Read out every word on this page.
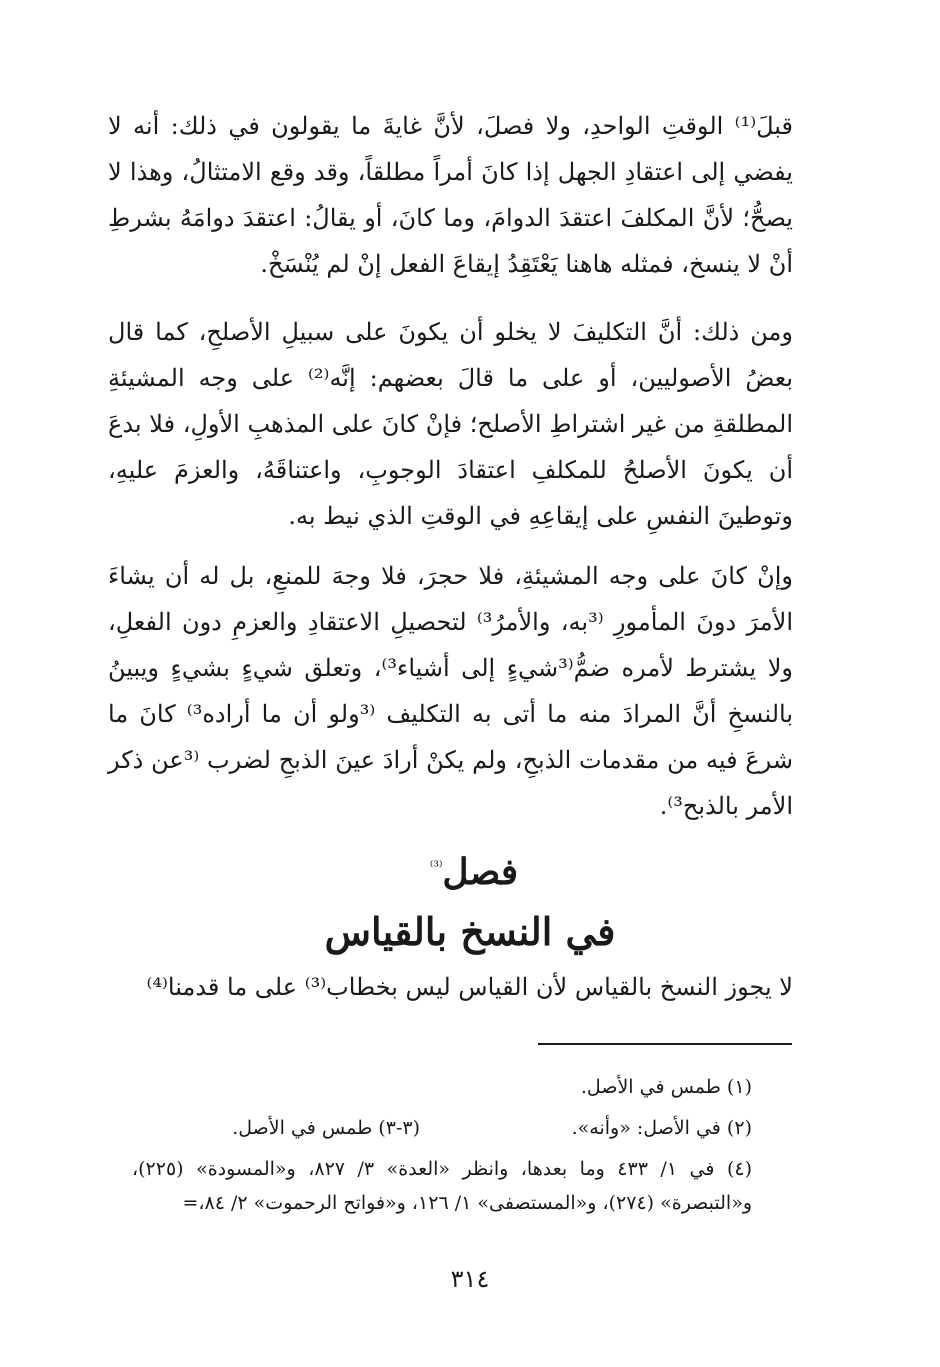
قبلَ⁽¹⁾ الوقتِ الواحدِ، ولا فصلَ، لأنَّ غايةَ ما يقولون في ذلك: أنه لا يفضي إلى اعتقادِ الجهل إذا كانَ أمراً مطلقاً، وقد وقع الامتثالُ، وهذا لا يصحُّ؛ لأنَّ المكلفَ اعتقدَ الدوامَ، وما كانَ، أو يقالُ: اعتقدَ دوامَهُ بشرطِ أنْ لا ينسخ، فمثله هاهنا يَعْتَقِدُ إيقاعَ الفعل إنْ لم يُنْسَخْ.

ومن ذلك: أنَّ التكليفَ لا يخلو أن يكونَ على سبيلِ الأصلحِ، كما قال بعضُ الأصوليين، أو على ما قالَ بعضهم: إنَّه⁽²⁾ على وجه المشيئةِ المطلقةِ من غير اشتراطِ الأصلح؛ فإنْ كانَ على المذهبِ الأولِ، فلا بدعَ أن يكونَ الأصلحُ للمكلفِ اعتقادَ الوجوبِ، واعتناقَهُ، والعزمَ عليهِ، وتوطينَ النفسِ على إيقاعِهِ في الوقتِ الذي نيط به.

وإنْ كانَ على وجه المشيئةِ، فلا حجرَ، فلا وجهَ للمنعِ، بل له أن يشاءَ الأمرَ دونَ المأمورِ ⁽³به، والأمرُ³⁾ لتحصيلِ الاعتقادِ والعزمِ دون الفعلِ، ولا يشترط لأمره ضمُّ⁽³شيءٍ إلى أشياء³⁾، وتعلق شيءٍ بشيءٍ ويبينُ بالنسخِ أنَّ المرادَ منه ما أتى به التكليف ⁽³ولو أن ما أراده³⁾ كانَ ما شرعَ فيه من مقدمات الذبحِ، ولم يكنْ أرادَ عينَ الذبحِ لضرب ⁽³عن ذكر الأمر بالذبح³⁾.

فصل$^{^{(3)}}$
في النسخ بالقياس

لا يجوز النسخ بالقياس لأن القياس ليس بخطاب⁽³⁾ على ما قدمنا⁽⁴⁾

(١) طمس في الأصل.

(٢) في الأصل: «وأنه».

(٣-٣) طمس في الأصل.

(٤) في ١/ ٤٣٣ وما بعدها، وانظر «العدة» ٣/ ٨٢٧، و«المسودة» (٢٢٥)، و«التبصرة» (٢٧٤)، و«المستصفى» ١/ ١٢٦، و«فواتح الرحموت» ٢/ ٨٤،=

٣١٤
